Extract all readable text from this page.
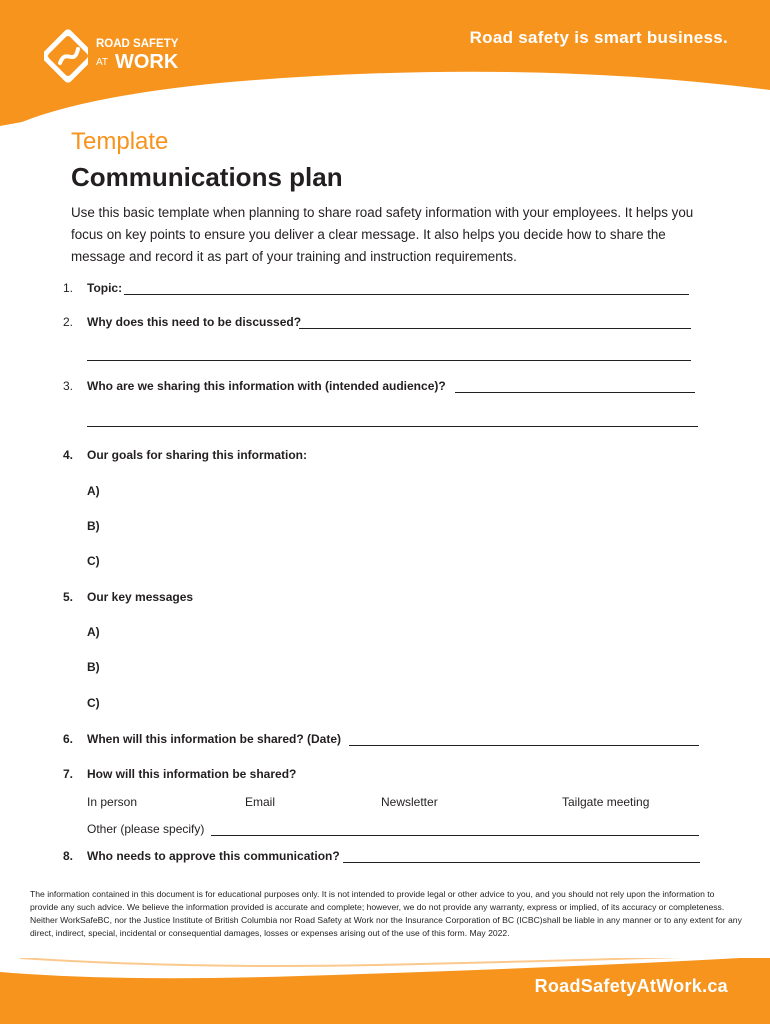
ROAD SAFETY
AT WORK
Road safety is smart business.
Template
Communications plan
Use this basic template when planning to share road safety information with your employees. It helps you focus on key points to ensure you deliver a clear message. It also helps you decide how to share the message and record it as part of your training and instruction requirements.
1. Topic:
2. Why does this need to be discussed?
3. Who are we sharing this information with (intended audience)?
4. Our goals for sharing this information:
A)
B)
C)
5. Our key messages
A)
B)
C)
6. When will this information be shared? (Date)
7. How will this information be shared?
In person	Email	Newsletter	Tailgate meeting
Other (please specify)
8. Who needs to approve this communication?
The information contained in this document is for educational purposes only. It is not intended to provide legal or other advice to you, and you should not rely upon the information to provide any such advice. We believe the information provided is accurate and complete; however, we do not provide any warranty, express or implied, of its accuracy or completeness. Neither WorkSafeBC, nor the Justice Institute of British Columbia nor Road Safety at Work nor the Insurance Corporation of BC (ICBC)shall be liable in any manner or to any extent for any direct, indirect, special, incidental or consequential damages, losses or expenses arising out of the use of this form. May 2022.
RoadSafetyAtWork.ca
